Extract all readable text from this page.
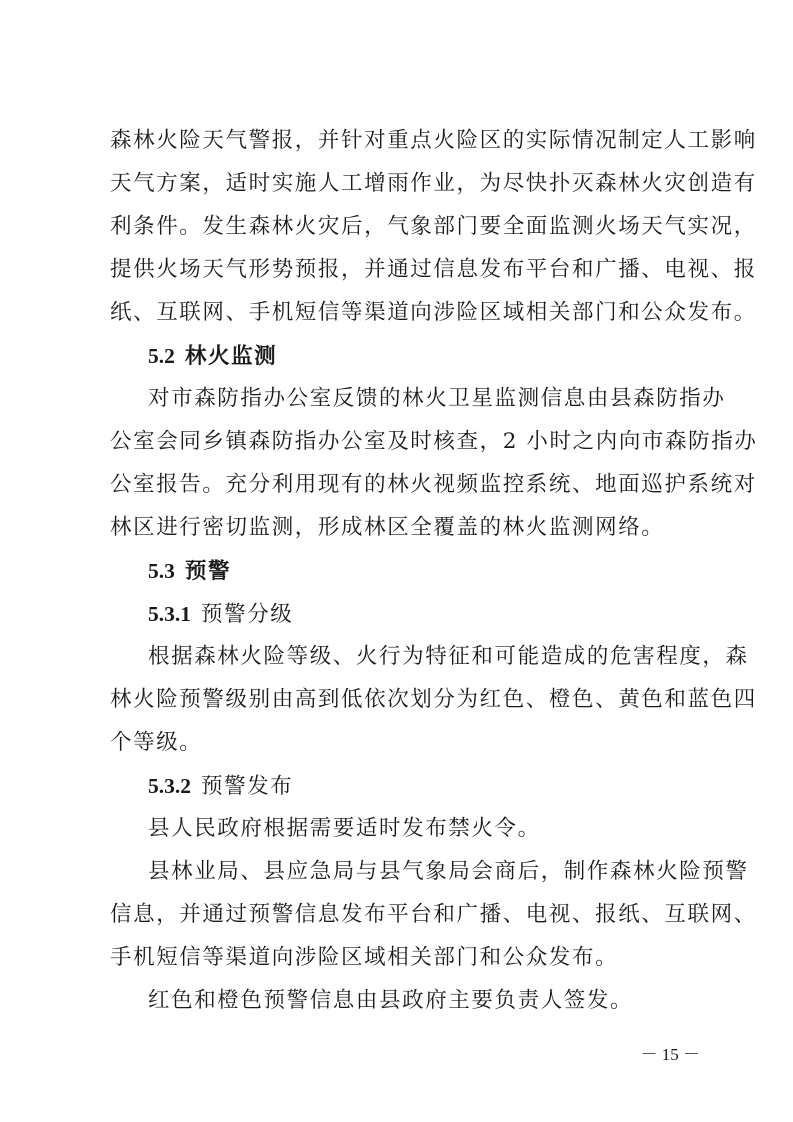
森林火险天气警报，并针对重点火险区的实际情况制定人工影响
天气方案，适时实施人工增雨作业，为尽快扑灭森林火灾创造有
利条件。发生森林火灾后，气象部门要全面监测火场天气实况，
提供火场天气形势预报，并通过信息发布平台和广播、电视、报
纸、互联网、手机短信等渠道向涉险区域相关部门和公众发布。
5.2 林火监测
对市森防指办公室反馈的林火卫星监测信息由县森防指办
公室会同乡镇森防指办公室及时核查，2 小时之内向市森防指办
公室报告。充分利用现有的林火视频监控系统、地面巡护系统对
林区进行密切监测，形成林区全覆盖的林火监测网络。
5.3 预警
5.3.1 预警分级
根据森林火险等级、火行为特征和可能造成的危害程度，森
林火险预警级别由高到低依次划分为红色、橙色、黄色和蓝色四
个等级。
5.3.2 预警发布
县人民政府根据需要适时发布禁火令。
县林业局、县应急局与县气象局会商后，制作森林火险预警
信息，并通过预警信息发布平台和广播、电视、报纸、互联网、
手机短信等渠道向涉险区域相关部门和公众发布。
红色和橙色预警信息由县政府主要负责人签发。
－ 15 －
